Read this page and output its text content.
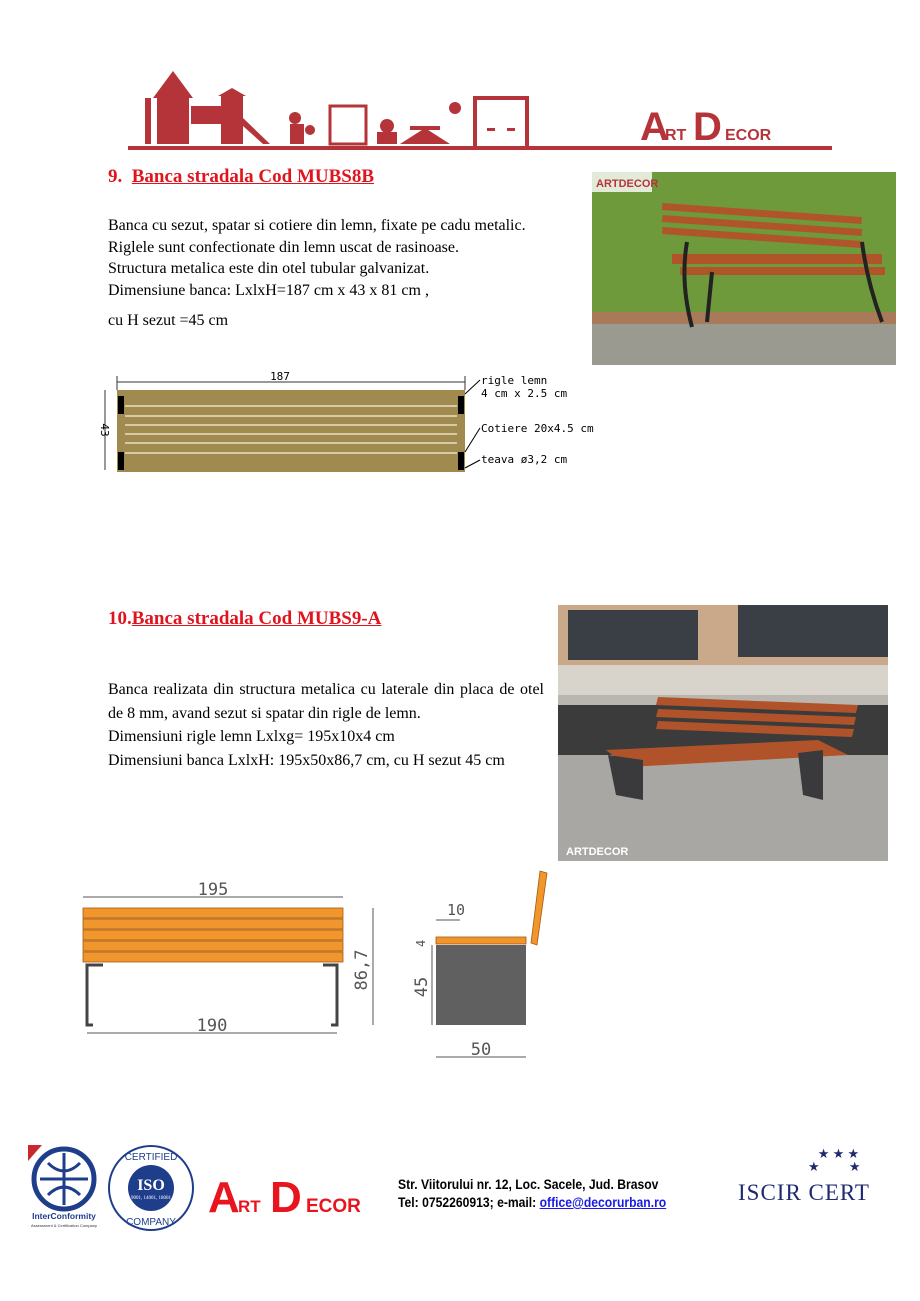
A
RT D ECOR
9. Banca stradala Cod MUBS8B
Banca cu sezut, spatar si cotiere din lemn, fixate pe cadu metalic.
Riglele sunt confectionate din lemn uscat de rasinoase.
Structura metalica este din otel tubular galvanizat.
Dimensiune banca: LxlxH=187 cm x 43 x 81 cm ,
cu H sezut =45 cm
ARTDECOR
187
43
rigle lemn
4 cm x 2.5 cm
Cotiere 20x4.5 cm
teava ø3,2 cm
10.Banca stradala Cod MUBS9-A
Banca realizata din structura metalica cu laterale din placa de otel de 8 mm, avand sezut si spatar din rigle de lemn.
Dimensiuni rigle lemn Lxlxg= 195x10x4 cm
Dimensiuni banca LxlxH: 195x50x86,7 cm, cu H sezut 45 cm
ARTDECOR
195
190
86,7
10
4
45
50
InterConformity
Assessment & Certification Company
CERTIFIED
ISO
9001, 14001, 18001
COMPANY
A
RT D ECOR
Str. Viitorului nr. 12, Loc. Sacele, Jud. Brasov
Tel: 0752260913; e-mail: office@decorurban.ro	ISCIR CERT
★ ★ ★
★         ★
